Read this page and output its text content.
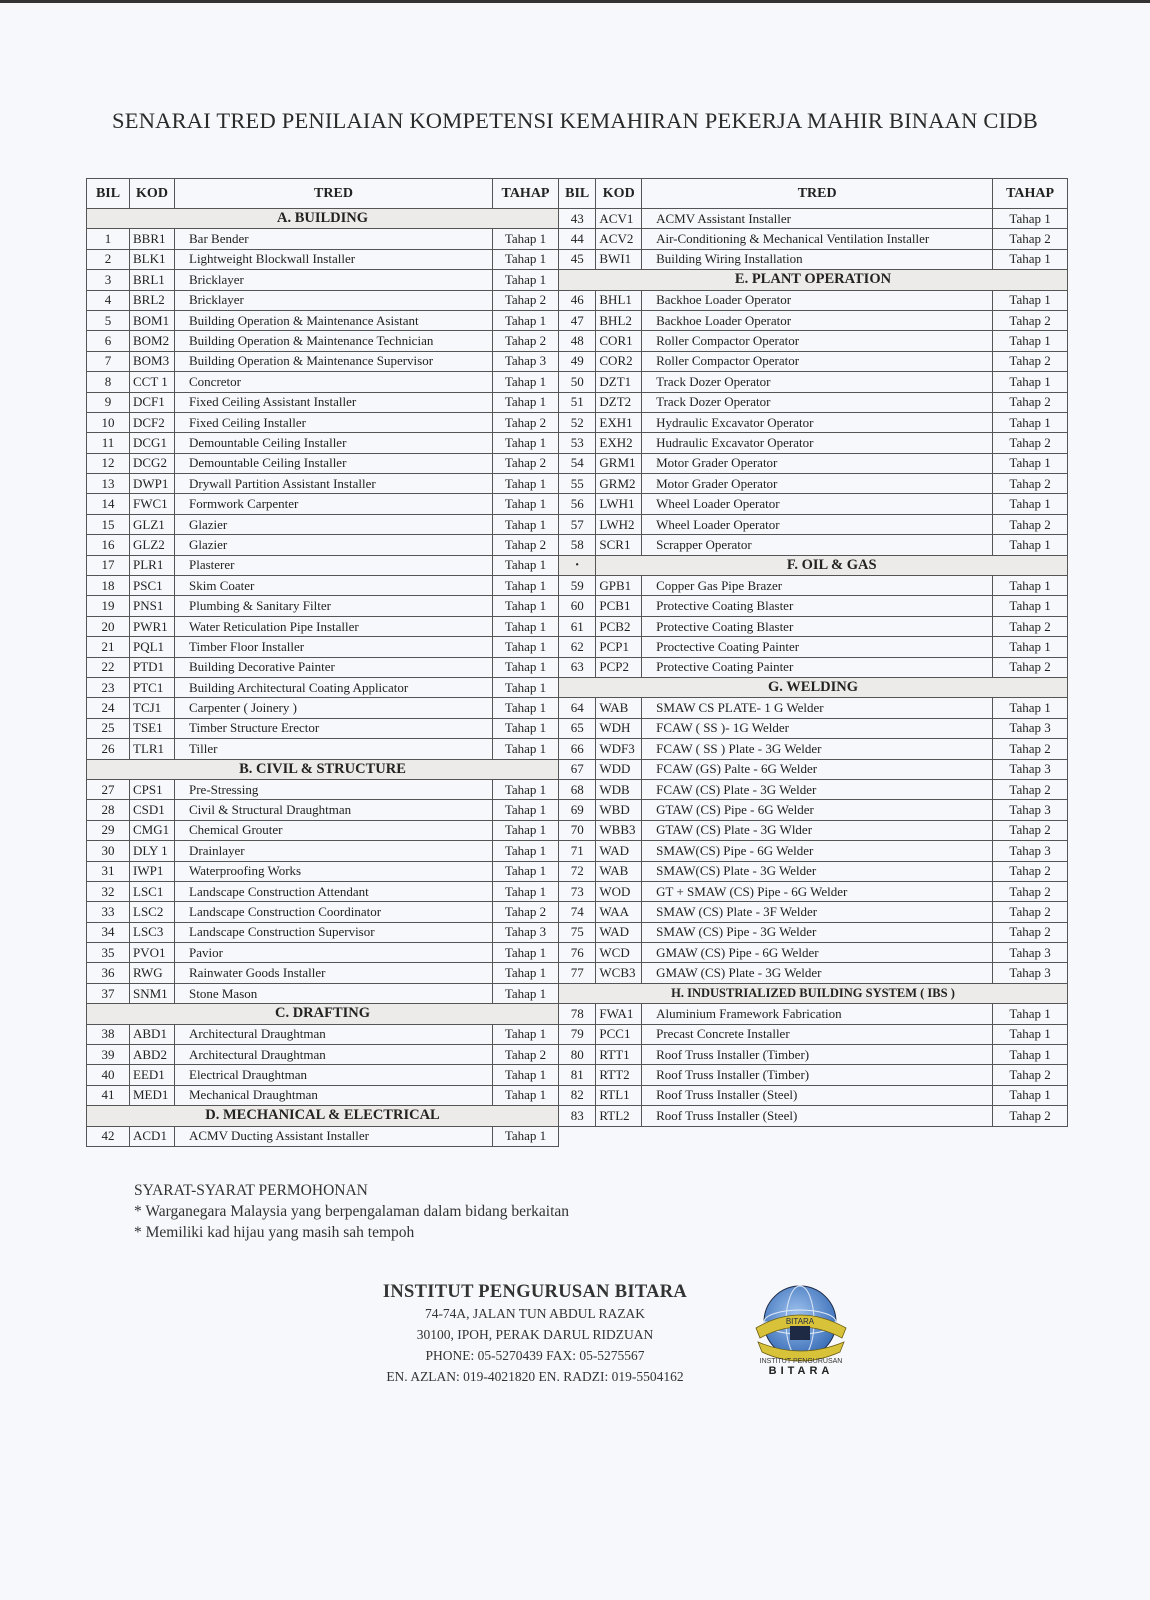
SENARAI TRED PENILAIAN KOMPETENSI KEMAHIRAN PEKERJA MAHIR BINAAN CIDB
BIL	KOD	TRED	TAHAP
A. BUILDING			
1	BBR1	Bar Bender	Tahap 1
2	BLK1	Lightweight Blockwall Installer	Tahap 1
3	BRL1	Bricklayer	Tahap 1
4	BRL2	Bricklayer	Tahap 2
5	BOM1	Building Operation & Maintenance Asistant	Tahap 1
6	BOM2	Building Operation & Maintenance Technician	Tahap 2
7	BOM3	Building Operation & Maintenance Supervisor	Tahap 3
8	CCT 1	Concretor	Tahap 1
9	DCF1	Fixed Ceiling Assistant Installer	Tahap 1
10	DCF2	Fixed Ceiling Installer	Tahap 2
11	DCG1	Demountable Ceiling Installer	Tahap 1
12	DCG2	Demountable Ceiling Installer	Tahap 2
13	DWP1	Drywall Partition Assistant Installer	Tahap 1
14	FWC1	Formwork Carpenter	Tahap 1
15	GLZ1	Glazier	Tahap 1
16	GLZ2	Glazier	Tahap 2
17	PLR1	Plasterer	Tahap 1
18	PSC1	Skim Coater	Tahap 1
19	PNS1	Plumbing & Sanitary Filter	Tahap 1
20	PWR1	Water Reticulation Pipe Installer	Tahap 1
21	PQL1	Timber Floor Installer	Tahap 1
22	PTD1	Building Decorative Painter	Tahap 1
23	PTC1	Building Architectural Coating Applicator	Tahap 1
24	TCJ1	Carpenter ( Joinery )	Tahap 1
25	TSE1	Timber Structure Erector	Tahap 1
26	TLR1	Tiller	Tahap 1
B. CIVIL & STRUCTURE			
27	CPS1	Pre-Stressing	Tahap 1
28	CSD1	Civil & Structural Draughtman	Tahap 1
29	CMG1	Chemical Grouter	Tahap 1
30	DLY 1	Drainlayer	Tahap 1
31	IWP1	Waterproofing Works	Tahap 1
32	LSC1	Landscape Construction Attendant	Tahap 1
33	LSC2	Landscape Construction Coordinator	Tahap 2
34	LSC3	Landscape Construction Supervisor	Tahap 3
35	PVO1	Pavior	Tahap 1
36	RWG	Rainwater Goods Installer	Tahap 1
37	SNM1	Stone Mason	Tahap 1
C. DRAFTING			
38	ABD1	Architectural Draughtman	Tahap 1
39	ABD2	Architectural Draughtman	Tahap 2
40	EED1	Electrical Draughtman	Tahap 1
41	MED1	Mechanical Draughtman	Tahap 1
D. MECHANICAL & ELECTRICAL			
42	ACD1	ACMV Ducting Assistant Installer	Tahap 1
BIL	KOD	TRED	TAHAP
43	ACV1	ACMV Assistant Installer	Tahap 1
44	ACV2	Air-Conditioning & Mechanical Ventilation Installer	Tahap 2
45	BWI1	Building Wiring Installation	Tahap 1
E. PLANT OPERATION			
46	BHL1	Backhoe Loader Operator	Tahap 1
47	BHL2	Backhoe Loader Operator	Tahap 2
48	COR1	Roller Compactor Operator	Tahap 1
49	COR2	Roller Compactor Operator	Tahap 2
50	DZT1	Track Dozer Operator	Tahap 1
51	DZT2	Track Dozer Operator	Tahap 2
52	EXH1	Hydraulic Excavator Operator	Tahap 1
53	EXH2	Hudraulic Excavator Operator	Tahap 2
54	GRM1	Motor Grader Operator	Tahap 1
55	GRM2	Motor Grader Operator	Tahap 2
56	LWH1	Wheel Loader Operator	Tahap 1
57	LWH2	Wheel Loader Operator	Tahap 2
58	SCR1	Scrapper Operator	Tahap 1
·	F. OIL & GAS		
59	GPB1	Copper Gas Pipe Brazer	Tahap 1
60	PCB1	Protective Coating Blaster	Tahap 1
61	PCB2	Protective Coating Blaster	Tahap 2
62	PCP1	Proctective Coating Painter	Tahap 1
63	PCP2	Protective Coating Painter	Tahap 2
G. WELDING			
64	WAB	SMAW CS PLATE- 1 G Welder	Tahap 1
65	WDH	FCAW ( SS )- 1G Welder	Tahap 3
66	WDF3	FCAW ( SS ) Plate - 3G Welder	Tahap 2
67	WDD	FCAW (GS) Palte - 6G Welder	Tahap 3
68	WDB	FCAW (CS) Plate - 3G Welder	Tahap 2
69	WBD	GTAW (CS) Pipe - 6G Welder	Tahap 3
70	WBB3	GTAW (CS) Plate - 3G Wlder	Tahap 2
71	WAD	SMAW(CS) Pipe - 6G Welder	Tahap 3
72	WAB	SMAW(CS) Plate - 3G Welder	Tahap 2
73	WOD	GT + SMAW (CS) Pipe - 6G Welder	Tahap 2
74	WAA	SMAW (CS) Plate - 3F Welder	Tahap 2
75	WAD	SMAW (CS) Pipe - 3G Welder	Tahap 2
76	WCD	GMAW (CS) Pipe - 6G Welder	Tahap 3
77	WCB3	GMAW (CS) Plate - 3G Welder	Tahap 3
H. INDUSTRIALIZED BUILDING SYSTEM ( IBS )			
78	FWA1	Aluminium Framework Fabrication	Tahap 1
79	PCC1	Precast Concrete Installer	Tahap 1
80	RTT1	Roof Truss Installer (Timber)	Tahap 1
81	RTT2	Roof Truss Installer (Timber)	Tahap 2
82	RTL1	Roof Truss Installer (Steel)	Tahap 1
83	RTL2	Roof Truss Installer (Steel)	Tahap 2
SYARAT-SYARAT PERMOHONAN
* Warganegara Malaysia yang berpengalaman dalam bidang berkaitan
* Memiliki kad hijau yang masih sah tempoh
INSTITUT PENGURUSAN BITARA
74-74A, JALAN TUN ABDUL RAZAK
30100, IPOH, PERAK DARUL RIDZUAN
PHONE: 05-5270439 FAX: 05-5275567
EN. AZLAN: 019-4021820 EN. RADZI: 019-5504162
BITARA
INSTITUT PENGURUSAN
BITARA
